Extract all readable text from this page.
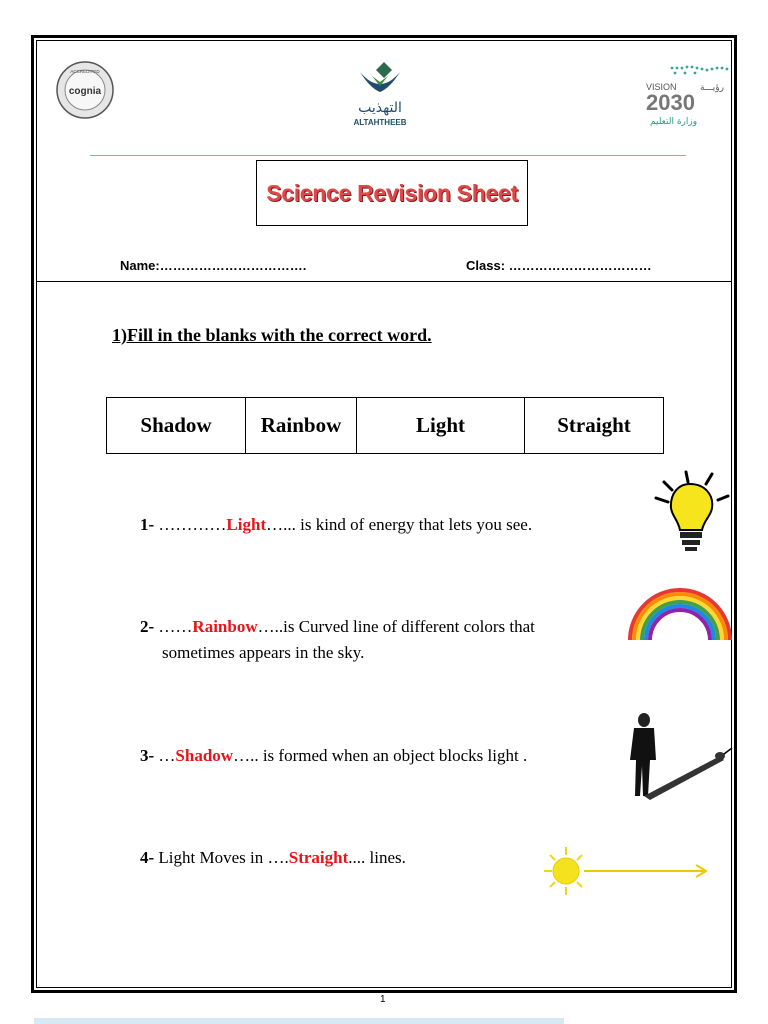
cognia
ACCREDITED
التهذيب
ALTAHTHEEB
VISION	رؤيـــة
2030
وزارة التعليم
Science Revision Sheet
Name:…………………………….	Class: ……………………………
1)Fill in the blanks with the correct word.
Shadow	Rainbow	Light	Straight
1- …………Light…... is kind of energy that lets you see.
2- ……Rainbow…..is Curved line of different colors that
sometimes appears in the sky.
3- …Shadow….. is formed when an object blocks light .
4- Light Moves in ….Straight.... lines.
1
